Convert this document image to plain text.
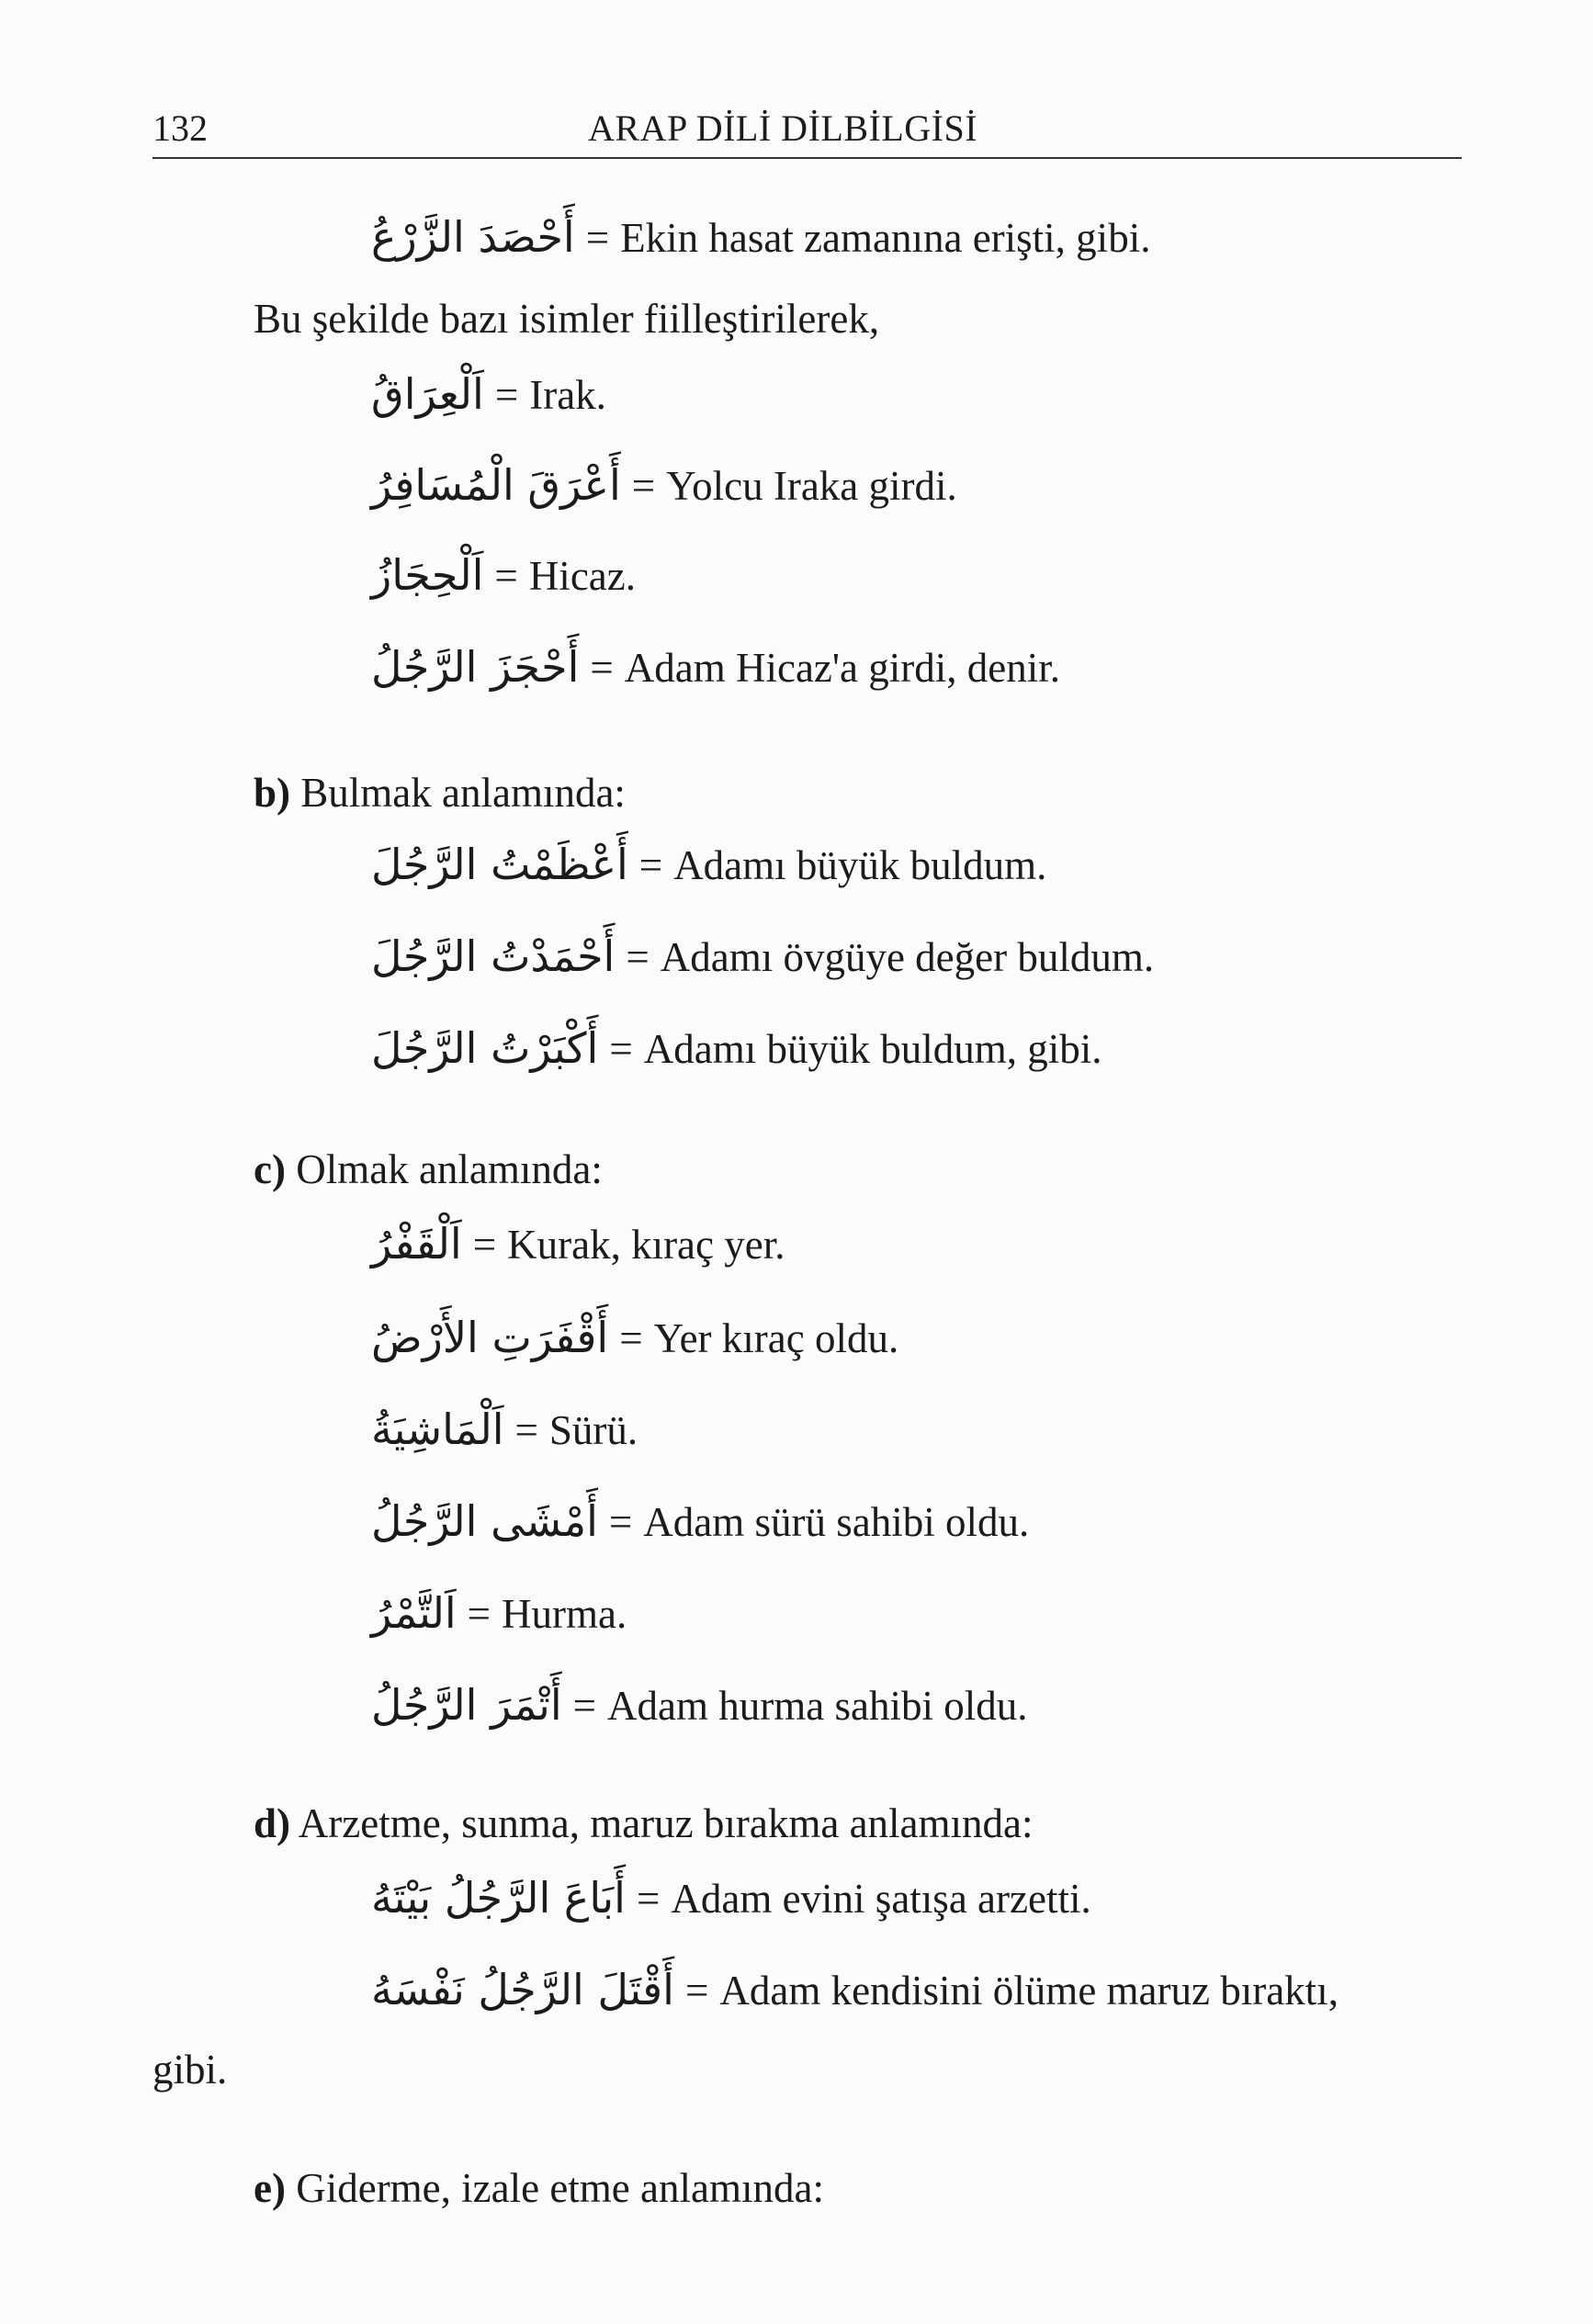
132	ARAP DİLİ DİLBİLGİSİ
أَحْصَدَ الزَّرْعُ = Ekin hasat zamanına erişti, gibi.
Bu şekilde bazı isimler fiilleştirilerek,
اَلْعِرَاقُ = Irak.
أَعْرَقَ الْمُسَافِرُ = Yolcu Iraka girdi.
اَلْحِجَازُ = Hicaz.
أَحْجَزَ الرَّجُلُ = Adam Hicaz'a girdi, denir.
b) Bulmak anlamında:
أَعْظَمْتُ الرَّجُلَ = Adamı büyük buldum.
أَحْمَدْتُ الرَّجُلَ = Adamı övgüye değer buldum.
أَكْبَرْتُ الرَّجُلَ = Adamı büyük buldum, gibi.
c) Olmak anlamında:
اَلْقَفْرُ = Kurak, kıraç yer.
أَقْفَرَتِ الأَرْضُ = Yer kıraç oldu.
اَلْمَاشِيَةُ = Sürü.
أَمْشَى الرَّجُلُ = Adam sürü sahibi oldu.
اَلتَّمْرُ = Hurma.
أَتْمَرَ الرَّجُلُ = Adam hurma sahibi oldu.
d) Arzetme, sunma, maruz bırakma anlamında:
أَبَاعَ الرَّجُلُ بَيْتَهُ = Adam evini şatışa arzetti.
أَقْتَلَ الرَّجُلُ نَفْسَهُ = Adam kendisini ölüme maruz bıraktı,
gibi.
e) Giderme, izale etme anlamında:
